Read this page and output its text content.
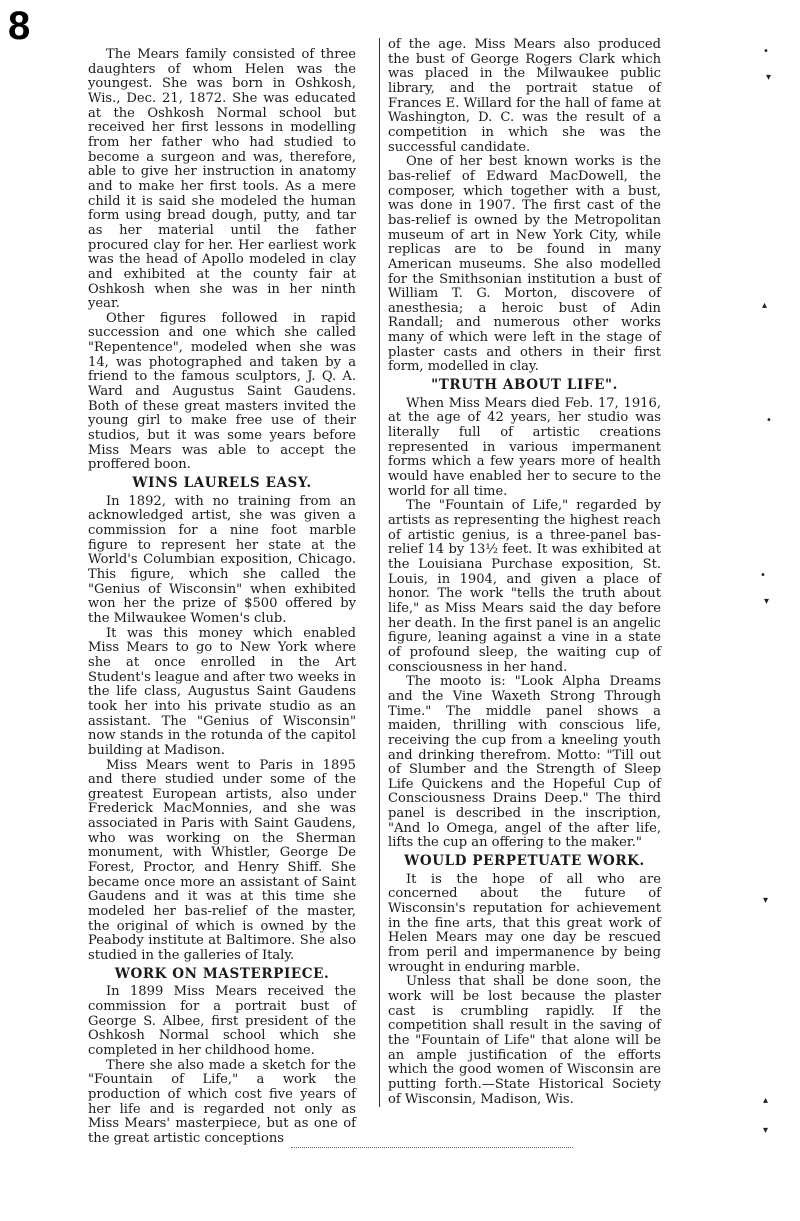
8

The Mears family consisted of three daughters of whom Helen was the youngest. She was born in Oshkosh, Wis., Dec. 21, 1872. She was educated at the Oshkosh Normal school but received her first lessons in modelling from her father who had studied to become a surgeon and was, therefore, able to give her instruction in anatomy and to make her first tools. As a mere child it is said she modeled the human form using bread dough, putty, and tar as her material until the father procured clay for her. Her earliest work was the head of Apollo modeled in clay and exhibited at the county fair at Oshkosh when she was in her ninth year.

Other figures followed in rapid succession and one which she called "Repentence", modeled when she was 14, was photographed and taken by a friend to the famous sculptors, J. Q. A. Ward and Augustus Saint Gaudens. Both of these great masters invited the young girl to make free use of their studios, but it was some years before Miss Mears was able to accept the proffered boon.

WINS LAURELS EASY.

In 1892, with no training from an acknowledged artist, she was given a commission for a nine foot marble figure to represent her state at the World's Columbian exposition, Chicago. This figure, which she called the "Genius of Wisconsin" when exhibited won her the prize of $500 offered by the Milwaukee Women's club.

It was this money which enabled Miss Mears to go to New York where she at once enrolled in the Art Student's league and after two weeks in the life class, Augustus Saint Gaudens took her into his private studio as an assistant. The "Genius of Wisconsin" now stands in the rotunda of the capitol building at Madison.

Miss Mears went to Paris in 1895 and there studied under some of the greatest European artists, also under Frederick MacMonnies, and she was associated in Paris with Saint Gaudens, who was working on the Sherman monument, with Whistler, George De Forest, Proctor, and Henry Shiff. She became once more an assistant of Saint Gaudens and it was at this time she modeled her bas-relief of the master, the original of which is owned by the Peabody institute at Baltimore. She also studied in the galleries of Italy.

WORK ON MASTERPIECE.

In 1899 Miss Mears received the commission for a portrait bust of George S. Albee, first president of the Oshkosh Normal school which she completed in her childhood home.

There she also made a sketch for the "Fountain of Life," a work the production of which cost five years of her life and is regarded not only as Miss Mears' masterpiece, but as one of the great artistic conceptions

of the age. Miss Mears also produced the bust of George Rogers Clark which was placed in the Milwaukee public library, and the portrait statue of Frances E. Willard for the hall of fame at Washington, D. C. was the result of a competition in which she was the successful candidate.

One of her best known works is the bas-relief of Edward MacDowell, the composer, which together with a bust, was done in 1907. The first cast of the bas-relief is owned by the Metropolitan museum of art in New York City, while replicas are to be found in many American museums. She also modelled for the Smithsonian institution a bust of William T. G. Morton, discovere of anesthesia; a heroic bust of Adin Randall; and numerous other works many of which were left in the stage of plaster casts and others in their first form, modelled in clay.

"TRUTH ABOUT LIFE".

When Miss Mears died Feb. 17, 1916, at the age of 42 years, her studio was literally full of artistic creations represented in various impermanent forms which a few years more of health would have enabled her to secure to the world for all time.

The "Fountain of Life," regarded by artists as representing the highest reach of artistic genius, is a three-panel bas-relief 14 by 13½ feet. It was exhibited at the Louisiana Purchase exposition, St. Louis, in 1904, and given a place of honor. The work "tells the truth about life," as Miss Mears said the day before her death. In the first panel is an angelic figure, leaning against a vine in a state of profound sleep, the waiting cup of consciousness in her hand.

The mooto is: "Look Alpha Dreams and the Vine Waxeth Strong Through Time." The middle panel shows a maiden, thrilling with conscious life, receiving the cup from a kneeling youth and drinking therefrom. Motto: "Till out of Slumber and the Strength of Sleep Life Quickens and the Hopeful Cup of Consciousness Drains Deep." The third panel is described in the inscription, "And lo Omega, angel of the after life, lifts the cup an offering to the maker."

WOULD PERPETUATE WORK.

It is the hope of all who are concerned about the future of Wisconsin's reputation for achievement in the fine arts, that this great work of Helen Mears may one day be rescued from peril and impermanence by being wrought in enduring marble.

Unless that shall be done soon, the work will be lost because the plaster cast is crumbling rapidly. If the competition shall result in the saving of the "Fountain of Life" that alone will be an ample justification of the efforts which the good women of Wisconsin are putting forth.—State Historical Society of Wisconsin, Madison, Wis.

•
▾
▴
•
•
▾
▾
▴
▾
